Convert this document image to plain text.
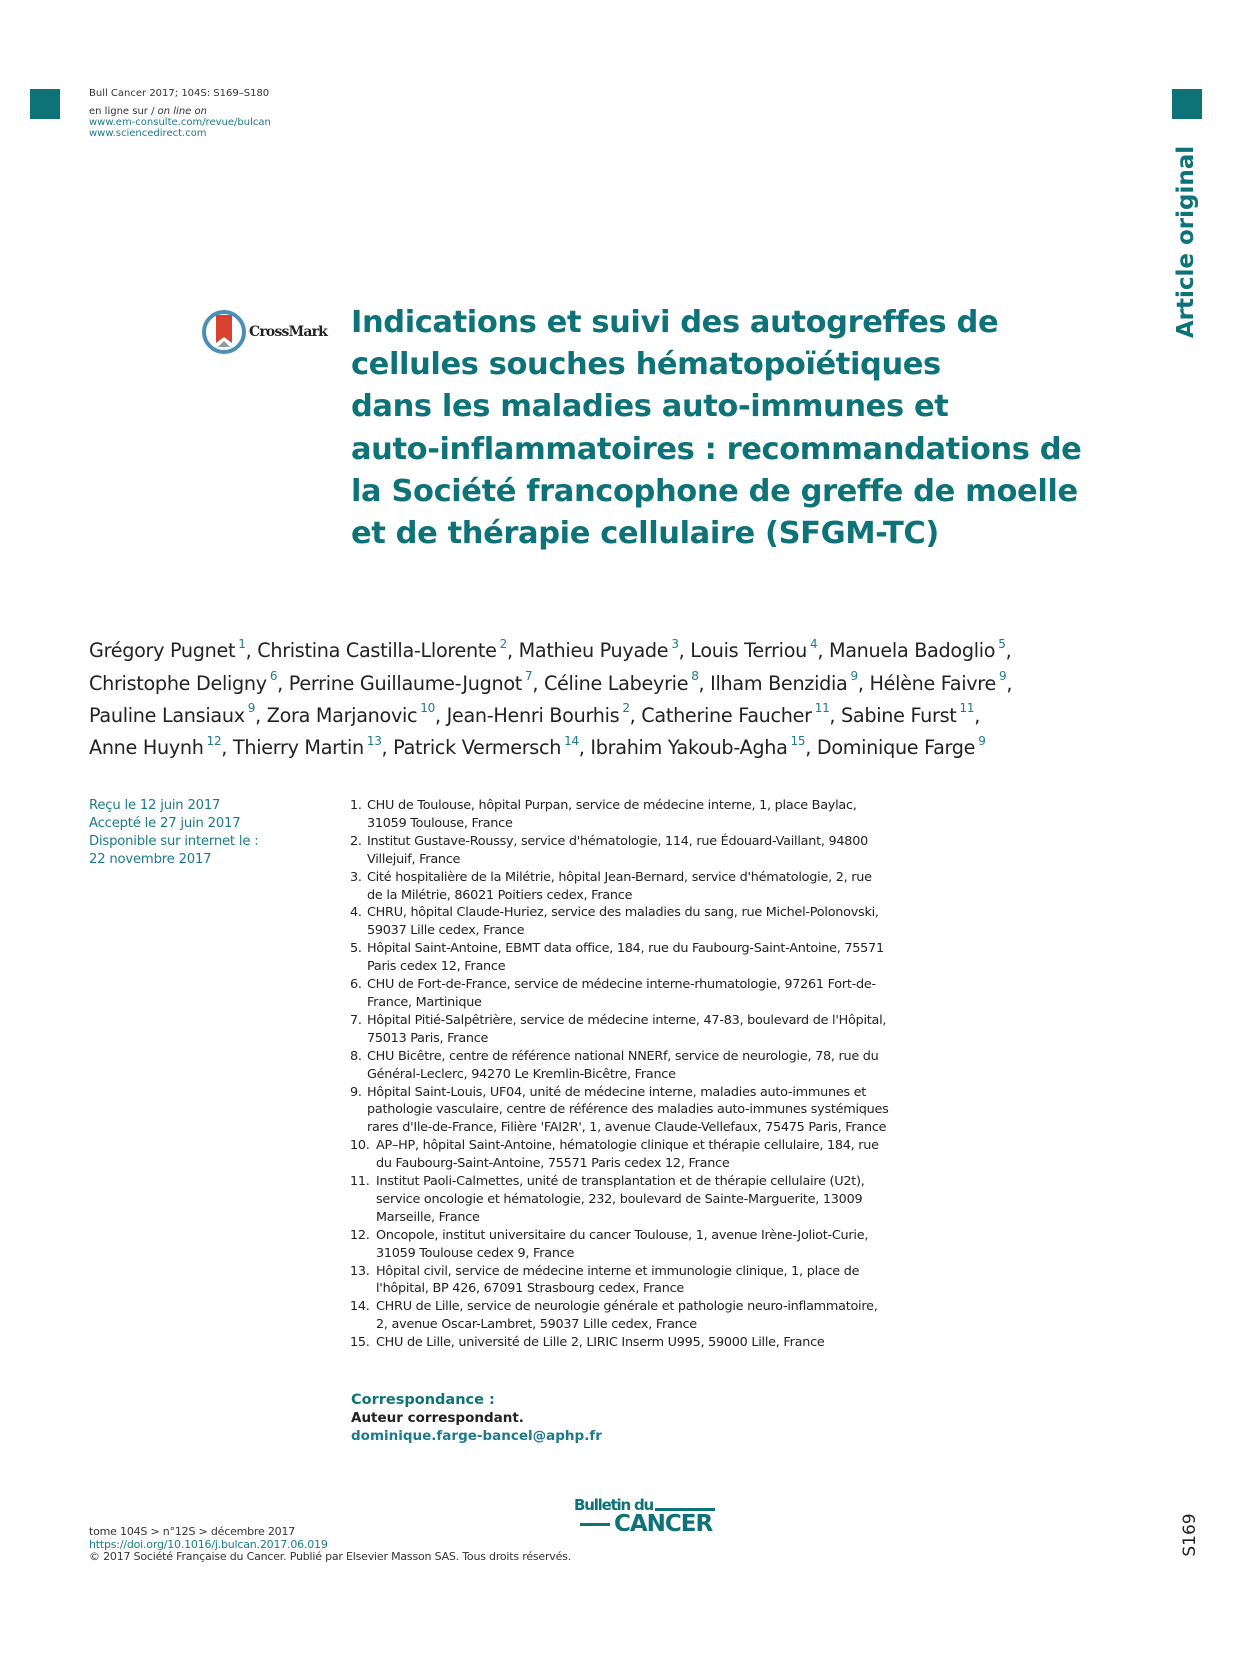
Bull Cancer 2017; 104S: S169–S180
en ligne sur / on line on
www.em-consulte.com/revue/bulcan
www.sciencedirect.com
Article original
CrossMark Indications et suivi des autogreffes de
cellules souches hématopoïétiques
dans les maladies auto-immunes et
auto-inflammatoires : recommandations de
la Société francophone de greffe de moelle
et de thérapie cellulaire (SFGM-TC)
Grégory Pugnet $^1$, Christina Castilla-Llorente $^2$, Mathieu Puyade $^3$, Louis Terriou $^4$, Manuela Badoglio $^5$,
Christophe Deligny $^6$, Perrine Guillaume-Jugnot $^7$, Céline Labeyrie $^8$, Ilham Benzidia $^9$, Hélène Faivre $^9$,
Pauline Lansiaux $^9$, Zora Marjanovic $^{10}$, Jean-Henri Bourhis $^2$, Catherine Faucher $^{11}$, Sabine Furst $^{11}$,
Anne Huynh $^{12}$, Thierry Martin $^{13}$, Patrick Vermersch $^{14}$, Ibrahim Yakoub-Agha $^{15}$, Dominique Farge $^9$
Reçu le 12 juin 2017
Accepté le 27 juin 2017
Disponible sur internet le :
22 novembre 2017
1. CHU de Toulouse, hôpital Purpan, service de médecine interne, 1, place Baylac, 31059 Toulouse, France
2. Institut Gustave-Roussy, service d'hématologie, 114, rue Édouard-Vaillant, 94800 Villejuif, France
3. Cité hospitalière de la Milétrie, hôpital Jean-Bernard, service d'hématologie, 2, rue de la Milétrie, 86021 Poitiers cedex, France
4. CHRU, hôpital Claude-Huriez, service des maladies du sang, rue Michel-Polonovski, 59037 Lille cedex, France
5. Hôpital Saint-Antoine, EBMT data office, 184, rue du Faubourg-Saint-Antoine, 75571 Paris cedex 12, France
6. CHU de Fort-de-France, service de médecine interne-rhumatologie, 97261 Fort-de-France, Martinique
7. Hôpital Pitié-Salpêtrière, service de médecine interne, 47-83, boulevard de l'Hôpital, 75013 Paris, France
8. CHU Bicêtre, centre de référence national NNERf, service de neurologie, 78, rue du Général-Leclerc, 94270 Le Kremlin-Bicêtre, France
9. Hôpital Saint-Louis, UF04, unité de médecine interne, maladies auto-immunes et pathologie vasculaire, centre de référence des maladies auto-immunes systémiques rares d'Ile-de-France, Filière 'FAI2R', 1, avenue Claude-Vellefaux, 75475 Paris, France
10. AP–HP, hôpital Saint-Antoine, hématologie clinique et thérapie cellulaire, 184, rue du Faubourg-Saint-Antoine, 75571 Paris cedex 12, France
11. Institut Paoli-Calmettes, unité de transplantation et de thérapie cellulaire (U2t), service oncologie et hématologie, 232, boulevard de Sainte-Marguerite, 13009 Marseille, France
12. Oncopole, institut universitaire du cancer Toulouse, 1, avenue Irène-Joliot-Curie, 31059 Toulouse cedex 9, France
13. Hôpital civil, service de médecine interne et immunologie clinique, 1, place de l'hôpital, BP 426, 67091 Strasbourg cedex, France
14. CHRU de Lille, service de neurologie générale et pathologie neuro-inflammatoire, 2, avenue Oscar-Lambret, 59037 Lille cedex, France
15. CHU de Lille, université de Lille 2, LIRIC Inserm U995, 59000 Lille, France
Correspondance :
Auteur correspondant.
dominique.farge-bancel@aphp.fr
tome 104S > n°12S > décembre 2017
https://doi.org/10.1016/j.bulcan.2017.06.019
© 2017 Société Française du Cancer. Publié par Elsevier Masson SAS. Tous droits réservés.
Bulletin du
CANCER	S169
